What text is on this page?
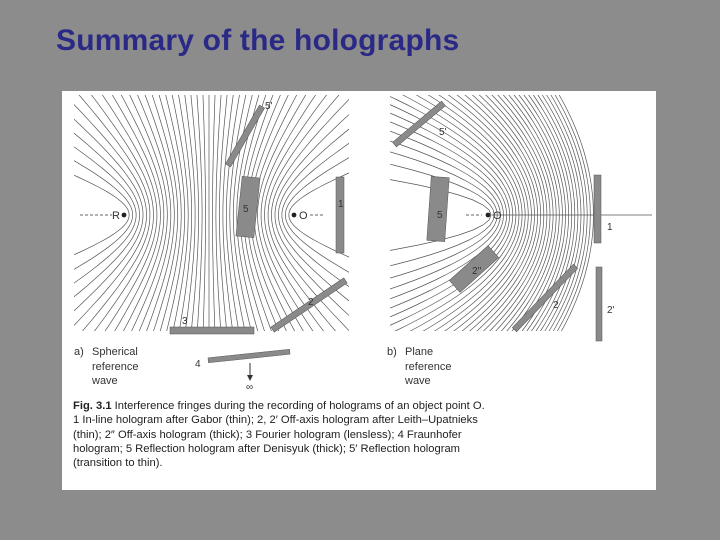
Summary of the holographs
R	O
5'
5	1
2
3
4
∞
O
5'
5
1
2'
2''
2
a) Spherical
reference
wave
b) Plane
reference
wave
Fig. 3.1 Interference fringes during the recording of holograms of an object point O. 1 In-line hologram after Gabor (thin); 2, 2′ Off-axis hologram after Leith–Upatnieks (thin); 2″ Off-axis hologram (thick); 3 Fourier hologram (lensless); 4 Fraunhofer hologram; 5 Reflection hologram after Denisyuk (thick); 5′ Reflection hologram (transition to thin).
